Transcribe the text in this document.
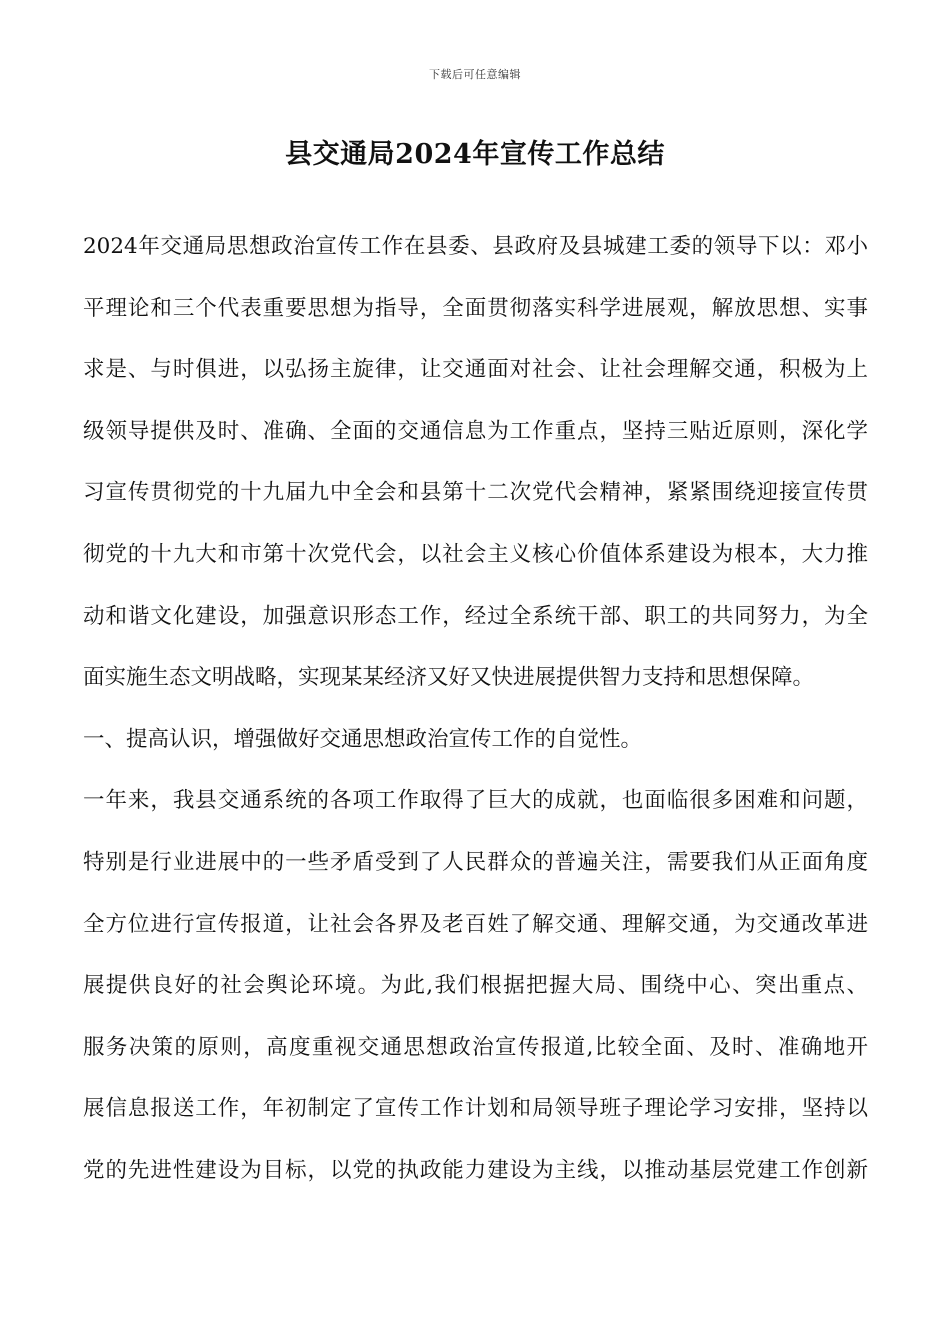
下载后可任意编辑
县交通局2024年宣传工作总结
2024年交通局思想政治宣传工作在县委、县政府及县城建工委的领导下以：邓小
平理论和三个代表重要思想为指导，全面贯彻落实科学进展观，解放思想、实事
求是、与时俱进，以弘扬主旋律，让交通面对社会、让社会理解交通，积极为上
级领导提供及时、准确、全面的交通信息为工作重点，坚持三贴近原则，深化学
习宣传贯彻党的十九届九中全会和县第十二次党代会精神，紧紧围绕迎接宣传贯
彻党的十九大和市第十次党代会，以社会主义核心价值体系建设为根本，大力推
动和谐文化建设，加强意识形态工作，经过全系统干部、职工的共同努力，为全
面实施生态文明战略，实现某某经济又好又快进展提供智力支持和思想保障。
一、提高认识，增强做好交通思想政治宣传工作的自觉性。
一年来，我县交通系统的各项工作取得了巨大的成就，也面临很多困难和问题，
特别是行业进展中的一些矛盾受到了人民群众的普遍关注，需要我们从正面角度
全方位进行宣传报道，让社会各界及老百姓了解交通、理解交通，为交通改革进
展提供良好的社会舆论环境。为此,我们根据把握大局、围绕中心、突出重点、
服务决策的原则，高度重视交通思想政治宣传报道,比较全面、及时、准确地开
展信息报送工作，年初制定了宣传工作计划和局领导班子理论学习安排，坚持以
党的先进性建设为目标，以党的执政能力建设为主线，以推动基层党建工作创新
